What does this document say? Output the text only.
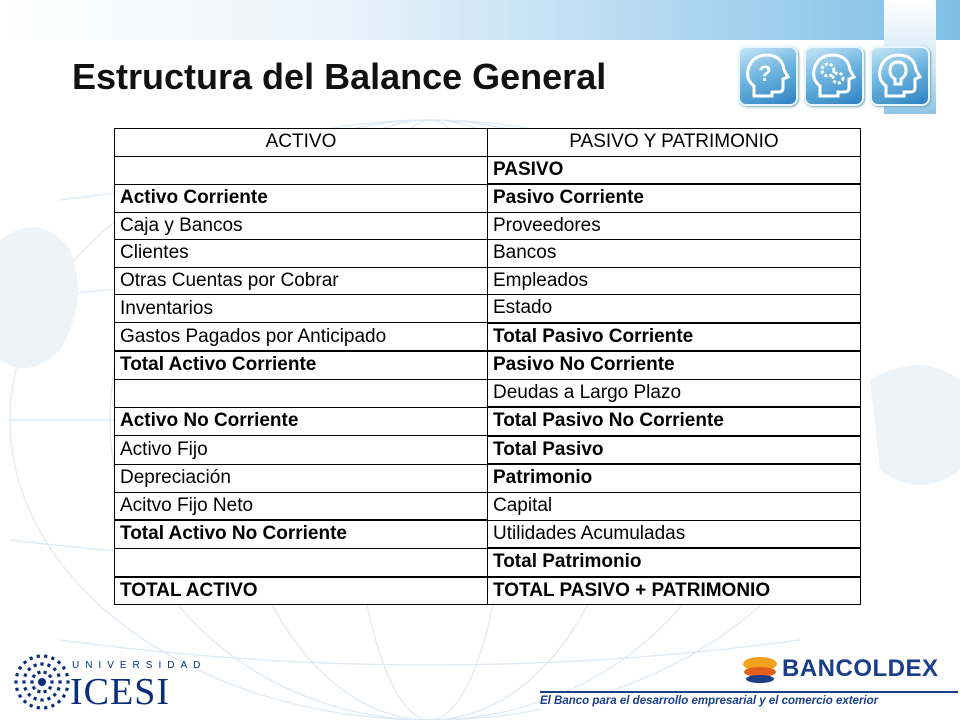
Estructura del Balance General	?
ACTIVO	PASIVO Y PATRIMONIO
	PASIVO
Activo Corriente	Pasivo Corriente
Caja y Bancos	Proveedores
Clientes	Bancos
Otras Cuentas por Cobrar	Empleados
Inventarios	Estado
Gastos Pagados por Anticipado	Total Pasivo Corriente
Total Activo Corriente	Pasivo No Corriente
	Deudas a Largo Plazo
Activo No Corriente	Total Pasivo No Corriente
Activo Fijo	Total Pasivo
Depreciación	Patrimonio
Acitvo Fijo Neto	Capital
Total Activo No Corriente	Utilidades Acumuladas
	Total Patrimonio
TOTAL ACTIVO	TOTAL PASIVO + PATRIMONIO
UNIVERSIDAD
ICESI
BANCOLDEX
El Banco para el desarrollo empresarial y el comercio exterior
